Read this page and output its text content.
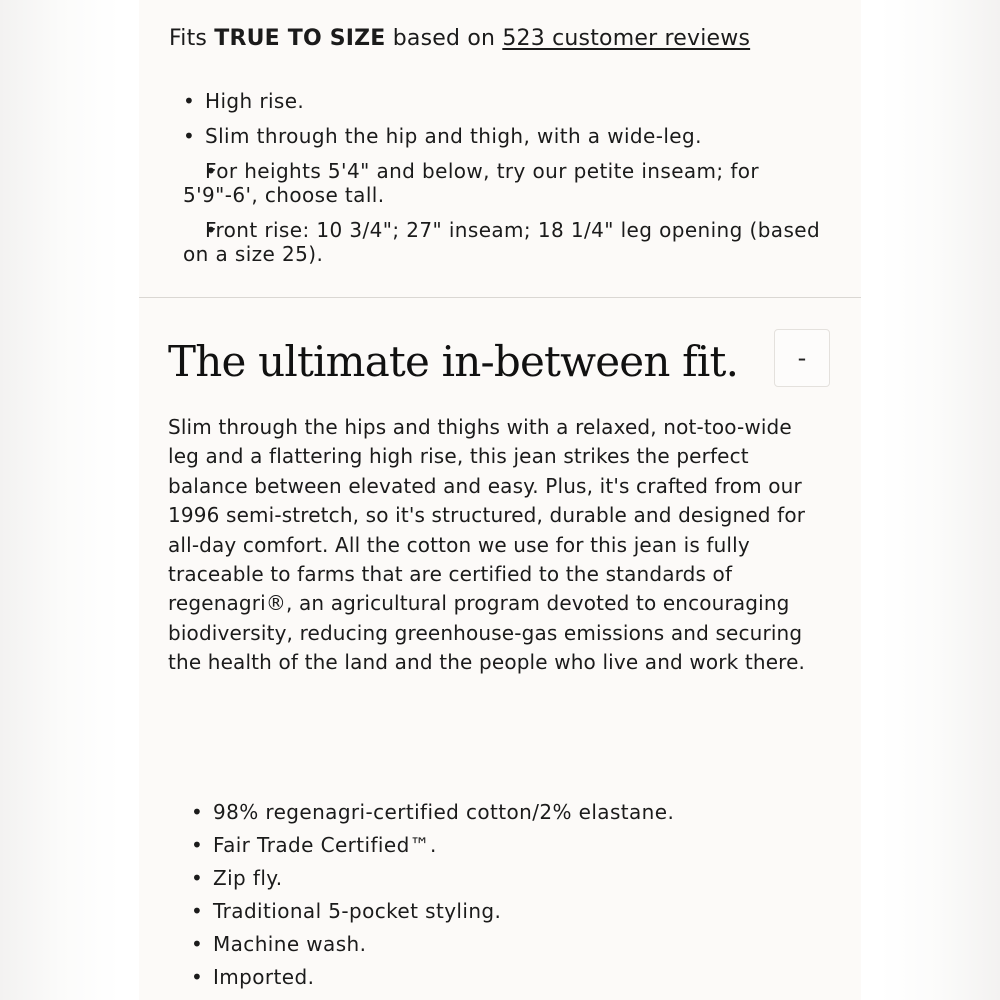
Fits TRUE TO SIZE based on 523 customer reviews
• High rise.
• Slim through the hip and thigh, with a wide-leg.
• For heights 5'4" and below, try our petite inseam; for 5'9"-6', choose tall.
• Front rise: 10 3/4"; 27" inseam; 18 1/4" leg opening (based on a size 25).
The ultimate in-between fit.	-

Slim through the hips and thighs with a relaxed, not-too-wide leg and a flattering high rise, this jean strikes the perfect balance between elevated and easy. Plus, it's crafted from our 1996 semi-stretch, so it's structured, durable and designed for all-day comfort. All the cotton we use for this jean is fully traceable to farms that are certified to the standards of regenagri®, an agricultural program devoted to encouraging biodiversity, reducing greenhouse-gas emissions and securing the health of the land and the people who live and work there.

• 98% regenagri-certified cotton/2% elastane.
• Fair Trade Certified™.
• Zip fly.
• Traditional 5-pocket styling.
• Machine wash.
• Imported.
